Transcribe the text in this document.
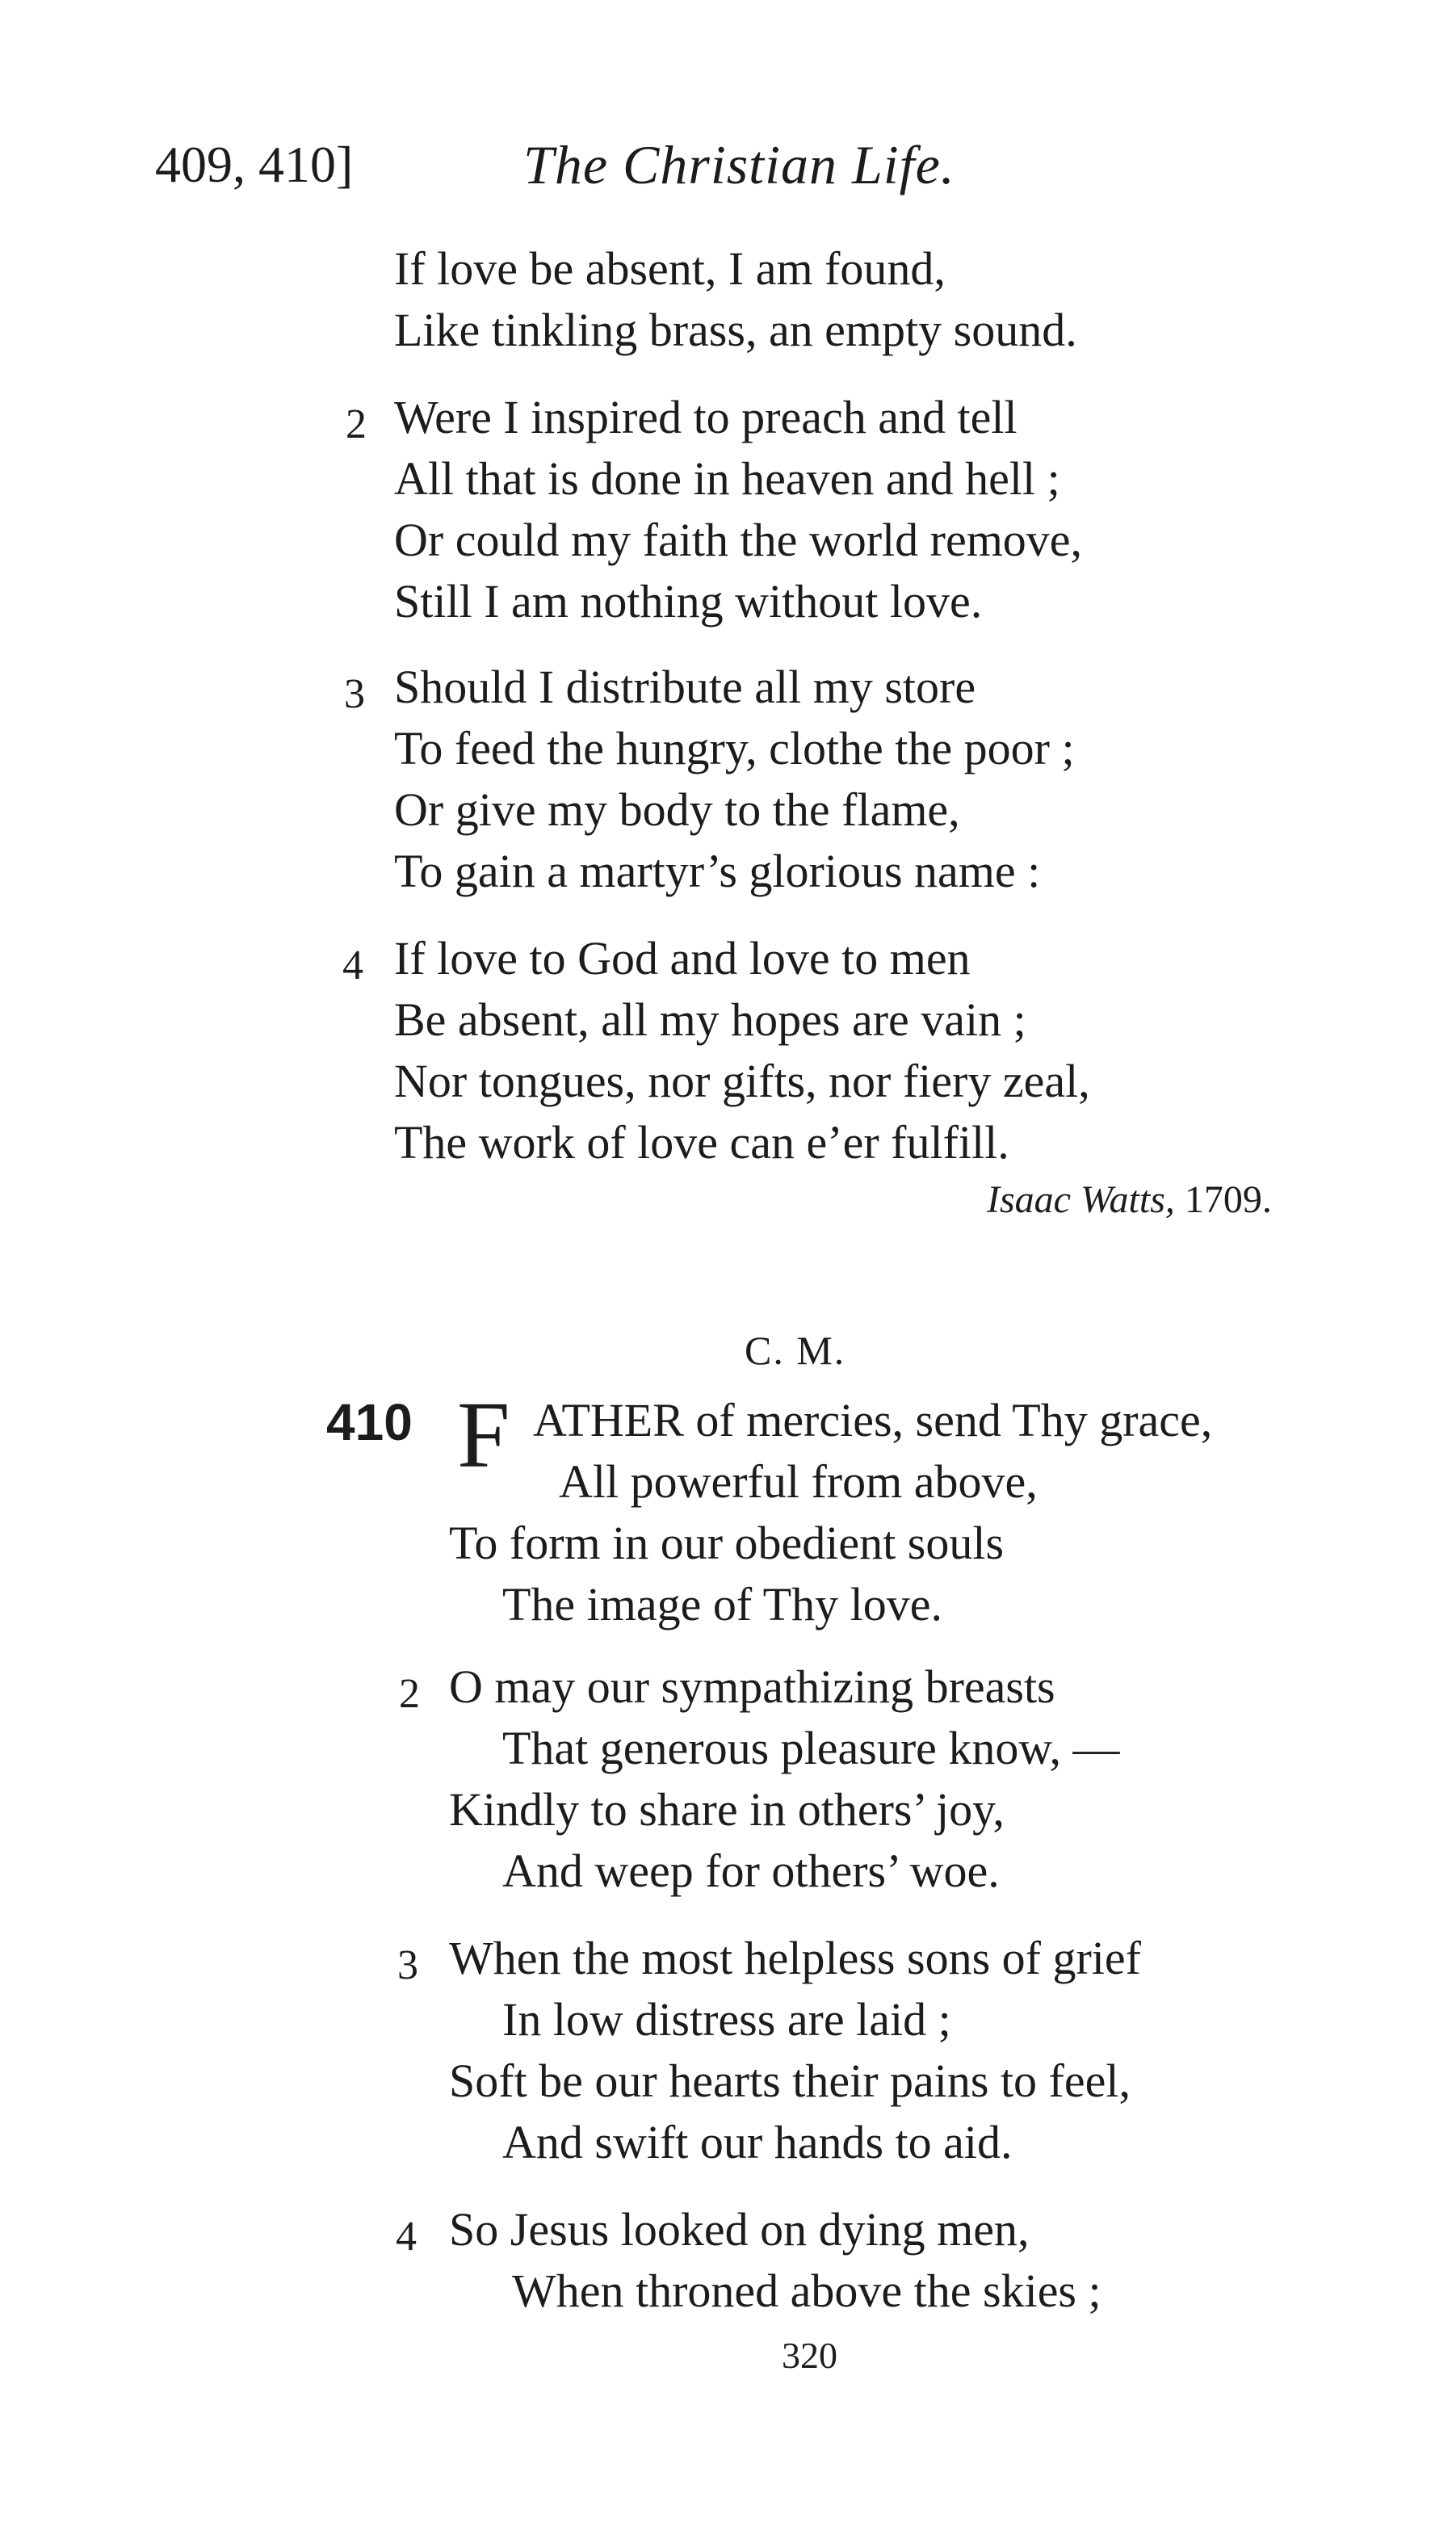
409, 410]	The Christian Life.
If love be absent, I am found,
Like tinkling brass, an empty sound.
2 Were I inspired to preach and tell
All that is done in heaven and hell ;
Or could my faith the world remove,
Still I am nothing without love.
3 Should I distribute all my store
To feed the hungry, clothe the poor ;
Or give my body to the flame,
To gain a martyr’s glorious name :
4 If love to God and love to men
Be absent, all my hopes are vain ;
Nor tongues, nor gifts, nor fiery zeal,
The work of love can e’er fulfill.
Isaac Watts, 1709.
C. M.
410 F ATHER of mercies, send Thy grace,
All powerful from above,
To form in our obedient souls
The image of Thy love.
2 O may our sympathizing breasts
That generous pleasure know, —
Kindly to share in others’ joy,
And weep for others’ woe.
3 When the most helpless sons of grief
In low distress are laid ;
Soft be our hearts their pains to feel,
And swift our hands to aid.
4 So Jesus looked on dying men,
When throned above the skies ;
320
